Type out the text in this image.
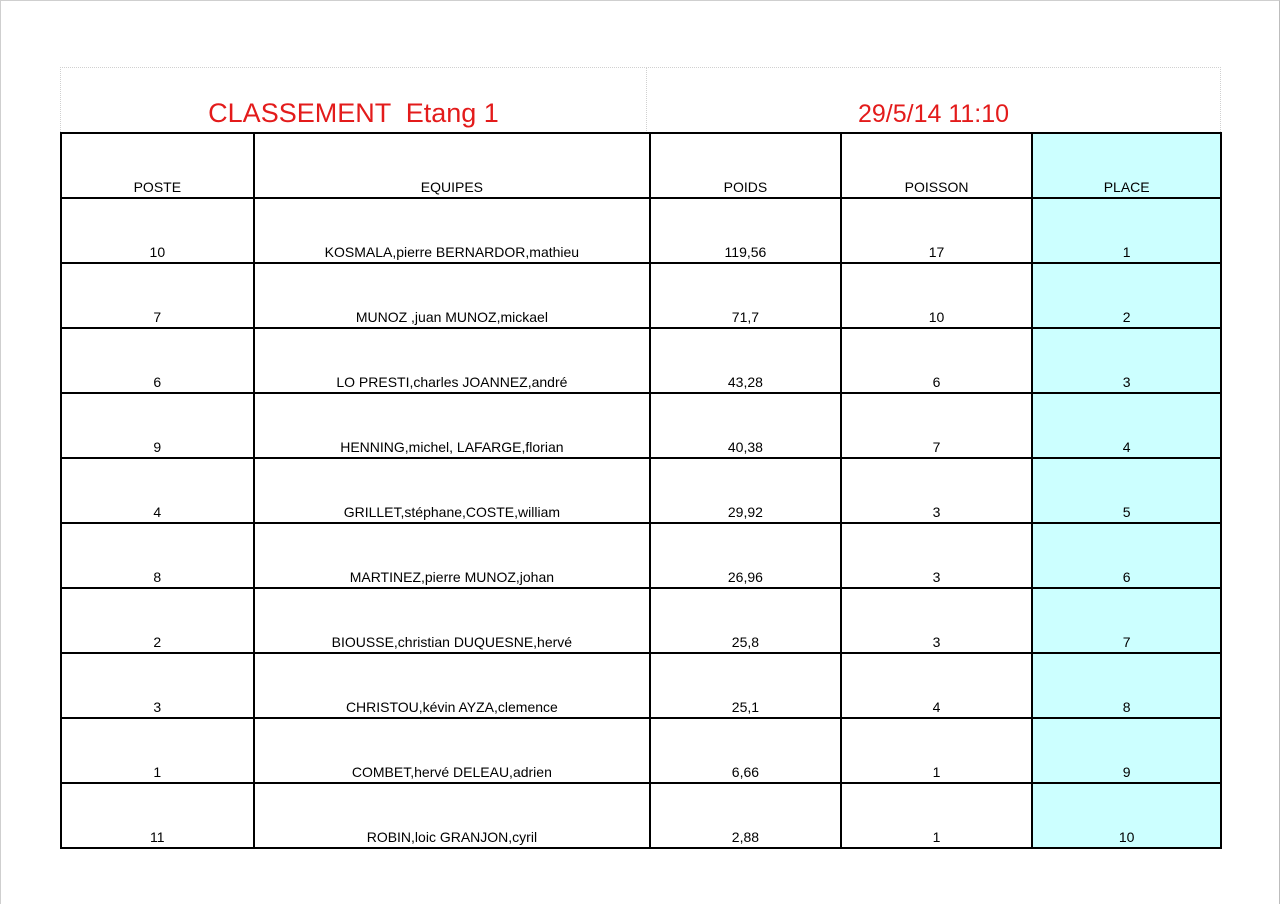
CLASSEMENT  Etang 1	29/5/14 11:10
POSTE	EQUIPES	POIDS	POISSON	PLACE
10	KOSMALA,pierre BERNARDOR,mathieu	119,56	17	1
7	MUNOZ ,juan MUNOZ,mickael	71,7	10	2
6	LO PRESTI,charles JOANNEZ,andré	43,28	6	3
9	HENNING,michel, LAFARGE,florian	40,38	7	4
4	GRILLET,stéphane,COSTE,william	29,92	3	5
8	MARTINEZ,pierre MUNOZ,johan	26,96	3	6
2	BIOUSSE,christian DUQUESNE,hervé	25,8	3	7
3	CHRISTOU,kévin AYZA,clemence	25,1	4	8
1	COMBET,hervé DELEAU,adrien	6,66	1	9
11	ROBIN,loic GRANJON,cyril	2,88	1	10
